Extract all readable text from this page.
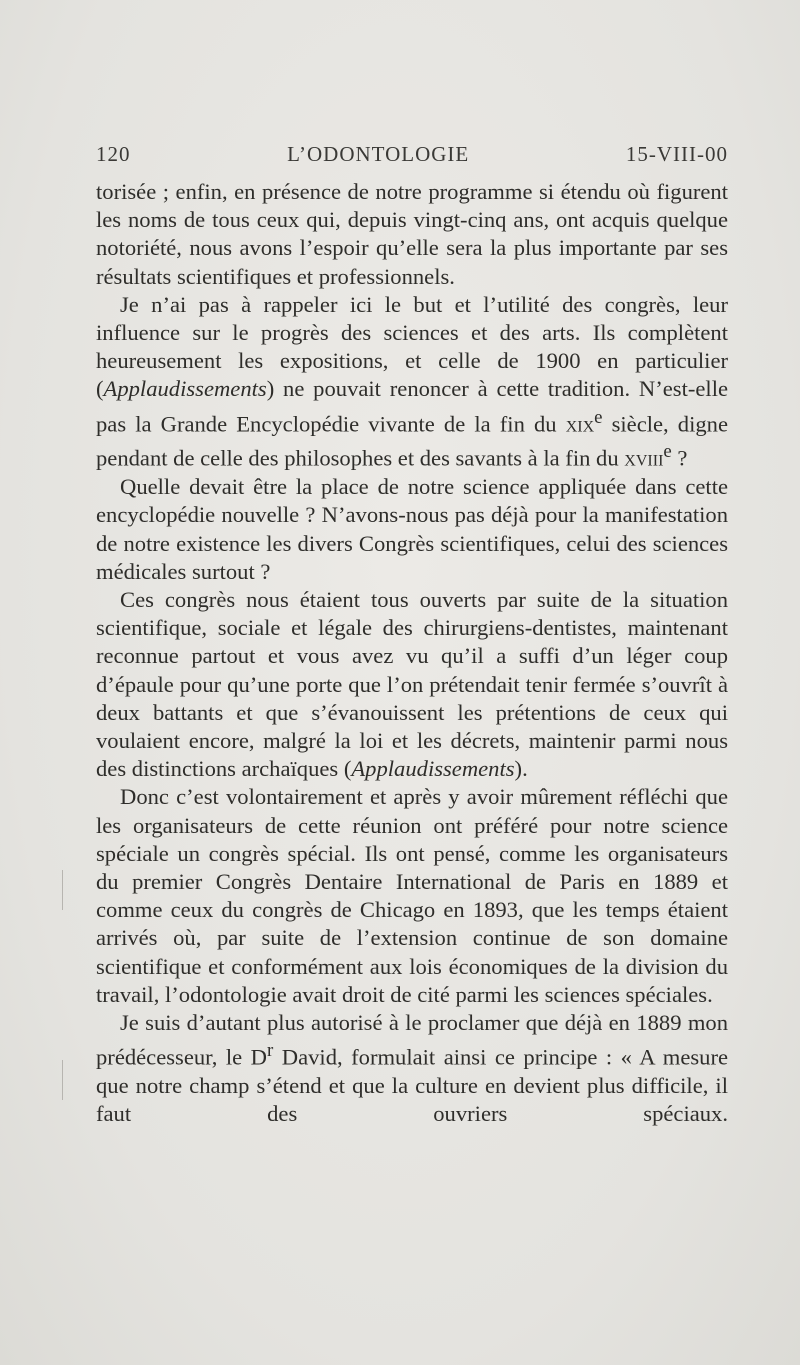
120	L’ODONTOLOGIE	15-VIII-00

torisée ; enfin, en présence de notre programme si étendu où figurent les noms de tous ceux qui, depuis vingt-cinq ans, ont acquis quelque notoriété, nous avons l’espoir qu’elle sera la plus importante par ses résultats scientifiques et professionnels.

Je n’ai pas à rappeler ici le but et l’utilité des congrès, leur influence sur le progrès des sciences et des arts. Ils complètent heureusement les expositions, et celle de 1900 en particulier (Applaudissements) ne pouvait renoncer à cette tradition. N’est-elle pas la Grande Encyclopédie vivante de la fin du xix$^e$ siècle, digne pendant de celle des philosophes et des savants à la fin du xviii$^e$ ?

Quelle devait être la place de notre science appliquée dans cette encyclopédie nouvelle ? N’avons-nous pas déjà pour la manifestation de notre existence les divers Congrès scientifiques, celui des sciences médicales surtout ?

Ces congrès nous étaient tous ouverts par suite de la situation scientifique, sociale et légale des chirurgiens-dentistes, maintenant reconnue partout et vous avez vu qu’il a suffi d’un léger coup d’épaule pour qu’une porte que l’on prétendait tenir fermée s’ouvrît à deux battants et que s’évanouissent les prétentions de ceux qui voulaient encore, malgré la loi et les décrets, maintenir parmi nous des distinctions archaïques (Applaudissements).

Donc c’est volontairement et après y avoir mûrement réfléchi que les organisateurs de cette réunion ont préféré pour notre science spéciale un congrès spécial. Ils ont pensé, comme les organisateurs du premier Congrès Dentaire International de Paris en 1889 et comme ceux du congrès de Chicago en 1893, que les temps étaient arrivés où, par suite de l’extension continue de son domaine scientifique et conformément aux lois économiques de la division du travail, l’odontologie avait droit de cité parmi les sciences spéciales.

Je suis d’autant plus autorisé à le proclamer que déjà en 1889 mon prédécesseur, le $D^r$ David, formulait ainsi ce principe : « A mesure que notre champ s’étend et que la culture en devient plus difficile, il faut des ouvriers spéciaux.
